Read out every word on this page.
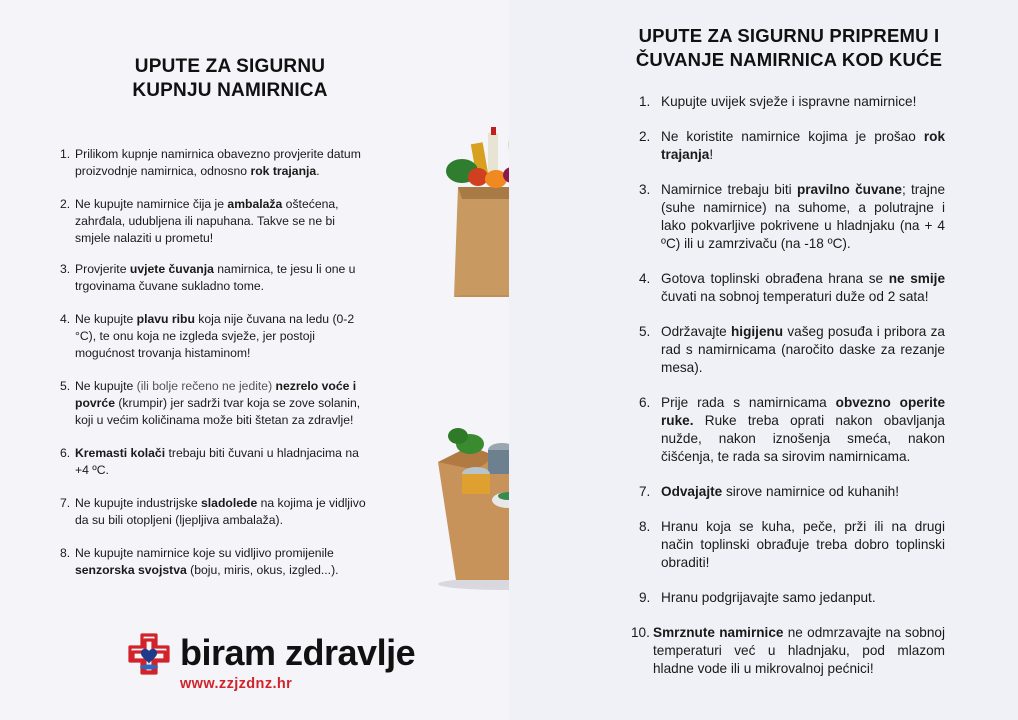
UPUTE ZA SIGURNU
KUPNJU NAMIRNICA
1. Prilikom kupnje namirnica obavezno provjerite datum proizvodnje namirnica, odnosno rok trajanja.
2. Ne kupujte namirnice čija je ambalaža oštećena, zahrđala, udubljena ili napuhana. Takve se ne bi smjele nalaziti u prometu!
3. Provjerite uvjete čuvanja namirnica, te jesu li one u trgovinama čuvane sukladno tome.
4. Ne kupujte plavu ribu koja nije čuvana na ledu (0-2 °C), te onu koja ne izgleda svježe, jer postoji mogućnost trovanja histaminom!
5. Ne kupujte (ili bolje rečeno ne jedite) nezrelo voće i povrće (krumpir) jer sadrži tvar koja se zove solanin, koji u većim količinama može biti štetan za zdravlje!
6. Kremasti kolači trebaju biti čuvani u hladnjacima na +4 ºC.
7. Ne kupujte industrijske sladolede na kojima je vidljivo da su bili otopljeni (ljepljiva ambalaža).
8. Ne kupujte namirnice koje su vidljivo promijenile senzorska svojstva (boju, miris, okus, izgled...).
biram zdravlje
www.zzjzdnz.hr
UPUTE ZA SIGURNU PRIPREMU I
ČUVANJE NAMIRNICA KOD KUĆE
1. Kupujte uvijek svježe i ispravne namirnice!
2. Ne koristite namirnice kojima je prošao rok trajanja!
3. Namirnice trebaju biti pravilno čuvane; trajne (suhe namirnice) na suhome, a polutrajne i lako pokvarljive pokrivene u hladnjaku (na + 4 ºC) ili u zamrzivaču (na -18 ºC).
4. Gotova toplinski obrađena hrana se ne smije čuvati na sobnoj temperaturi duže od 2 sata!
5. Održavajte higijenu vašeg posuđa i pribora za rad s namirnicama (naročito daske za rezanje mesa).
6. Prije rada s namirnicama obvezno operite ruke. Ruke treba oprati nakon obavljanja nužde, nakon iznošenja smeća, nakon čišćenja, te rada sa sirovim namirnicama.
7. Odvajajte sirove namirnice od kuhanih!
8. Hranu koja se kuha, peče, prži ili na drugi način toplinski obrađuje treba dobro toplinski obraditi!
9. Hranu podgrijavajte samo jedanput.
10. Smrznute namirnice ne odmrzavajte na sobnoj temperaturi već u hladnjaku, pod mlazom hladne vode ili u mikrovalnoj pećnici!
